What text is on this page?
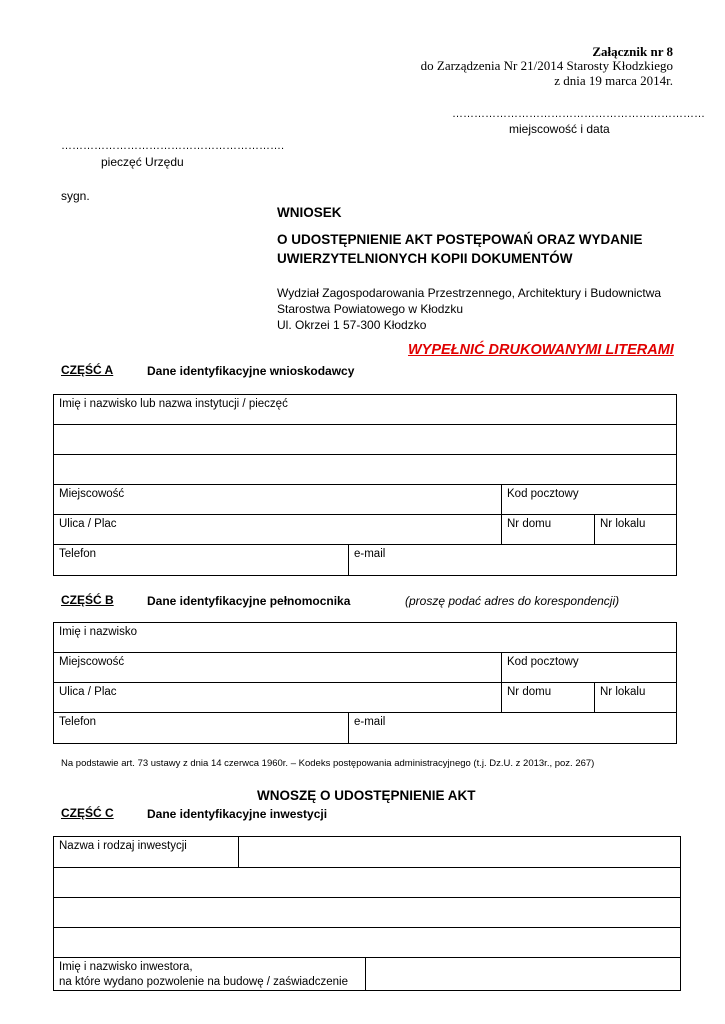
Załącznik nr 8
do Zarządzenia Nr 21/2014 Starosty Kłodzkiego
z dnia 19 marca 2014r.
……………………………………………………………
miejscowość i data
…………………………………………………….
pieczęć Urzędu
sygn.
WNIOSEK
O UDOSTĘPNIENIE AKT POSTĘPOWAŃ ORAZ WYDANIE
UWIERZYTELNIONYCH KOPII DOKUMENTÓW
Wydział Zagospodarowania Przestrzennego, Architektury i Budownictwa
Starostwa Powiatowego w Kłodzku
Ul. Okrzei 1 57-300 Kłodzko
WYPEŁNIĆ DRUKOWANYMI LITERAMI
CZĘŚĆ A	Dane identyfikacyjne wnioskodawcy
Imię i nazwisko lub nazwa instytucji / pieczęć			

Miejscowość		Kod pocztowy	
Ulica / Plac		Nr domu	Nr lokalu
Telefon	e-mail		
CZĘŚĆ B	Dane identyfikacyjne pełnomocnika	(proszę podać adres do korespondencji)
Imię i nazwisko			
Miejscowość		Kod pocztowy	
Ulica / Plac		Nr domu	Nr lokalu
Telefon	e-mail		
Na podstawie art. 73 ustawy z dnia 14 czerwca 1960r. – Kodeks postępowania administracyjnego (t.j. Dz.U. z 2013r., poz. 267)
WNOSZĘ O UDOSTĘPNIENIE AKT
CZĘŚĆ C	Dane identyfikacyjne inwestycji
Nazwa i rodzaj inwestycji		

Imię i nazwisko inwestora,
na które wydano pozwolenie na budowę / zaświadczenie		
